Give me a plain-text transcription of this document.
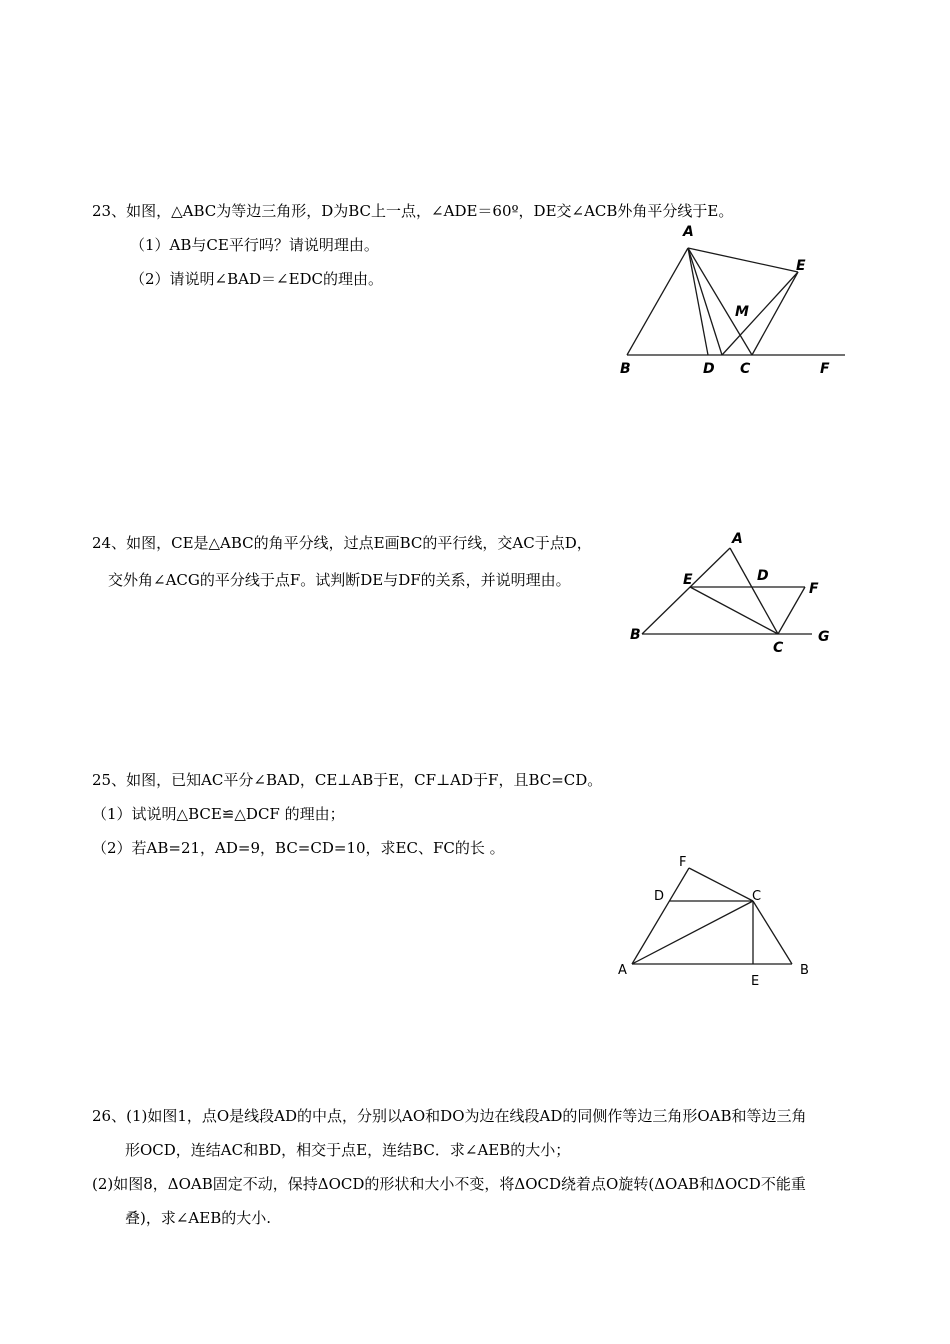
23、如图，△ABC为等边三角形，D为BC上一点，∠ADE＝60º，DE交∠ACB外角平分线于E。
（1）AB与CE平行吗？请说明理由。
（2）请说明∠BAD＝∠EDC的理由。
A
E
M
B	D C	F
24、如图，CE是△ABC的角平分线，过点E画BC的平行线，交AC于点D，
交外角∠ACG的平分线于点F。试判断DE与DF的关系，并说明理由。
A
E	D
F
B
C
G
25、如图，已知AC平分∠BAD，CE⊥AB于E，CF⊥AD于F，且BC=CD。
（1）试说明△BCE≌△DCF 的理由；
（2）若AB=21，AD=9，BC=CD=10，求EC、FC的长 。
F
D	C
A
E
B
26、(1)如图1，点O是线段AD的中点，分别以AO和DO为边在线段AD的同侧作等边三角形OAB和等边三角
形OCD，连结AC和BD，相交于点E，连结BC．求∠AEB的大小；
(2)如图8，ΔOAB固定不动，保持ΔOCD的形状和大小不变，将ΔOCD绕着点O旋转(ΔOAB和ΔOCD不能重
叠)，求∠AEB的大小.
